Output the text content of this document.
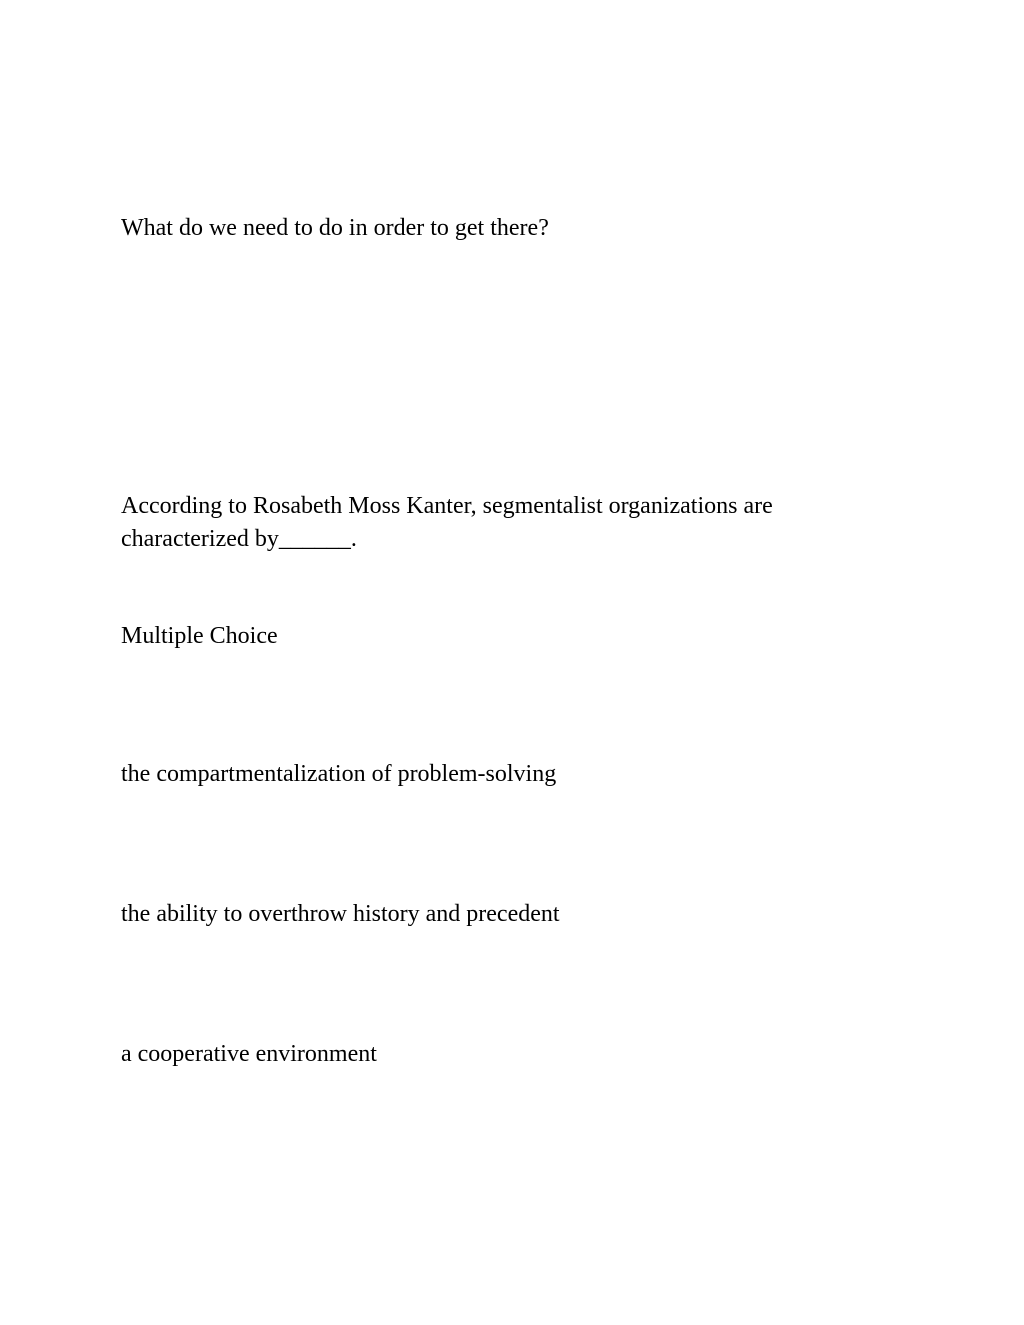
What do we need to do in order to get there?

According to Rosabeth Moss Kanter, segmentalist organizations are
characterized by______.

Multiple Choice

the compartmentalization of problem-solving

the ability to overthrow history and precedent

a cooperative environment
